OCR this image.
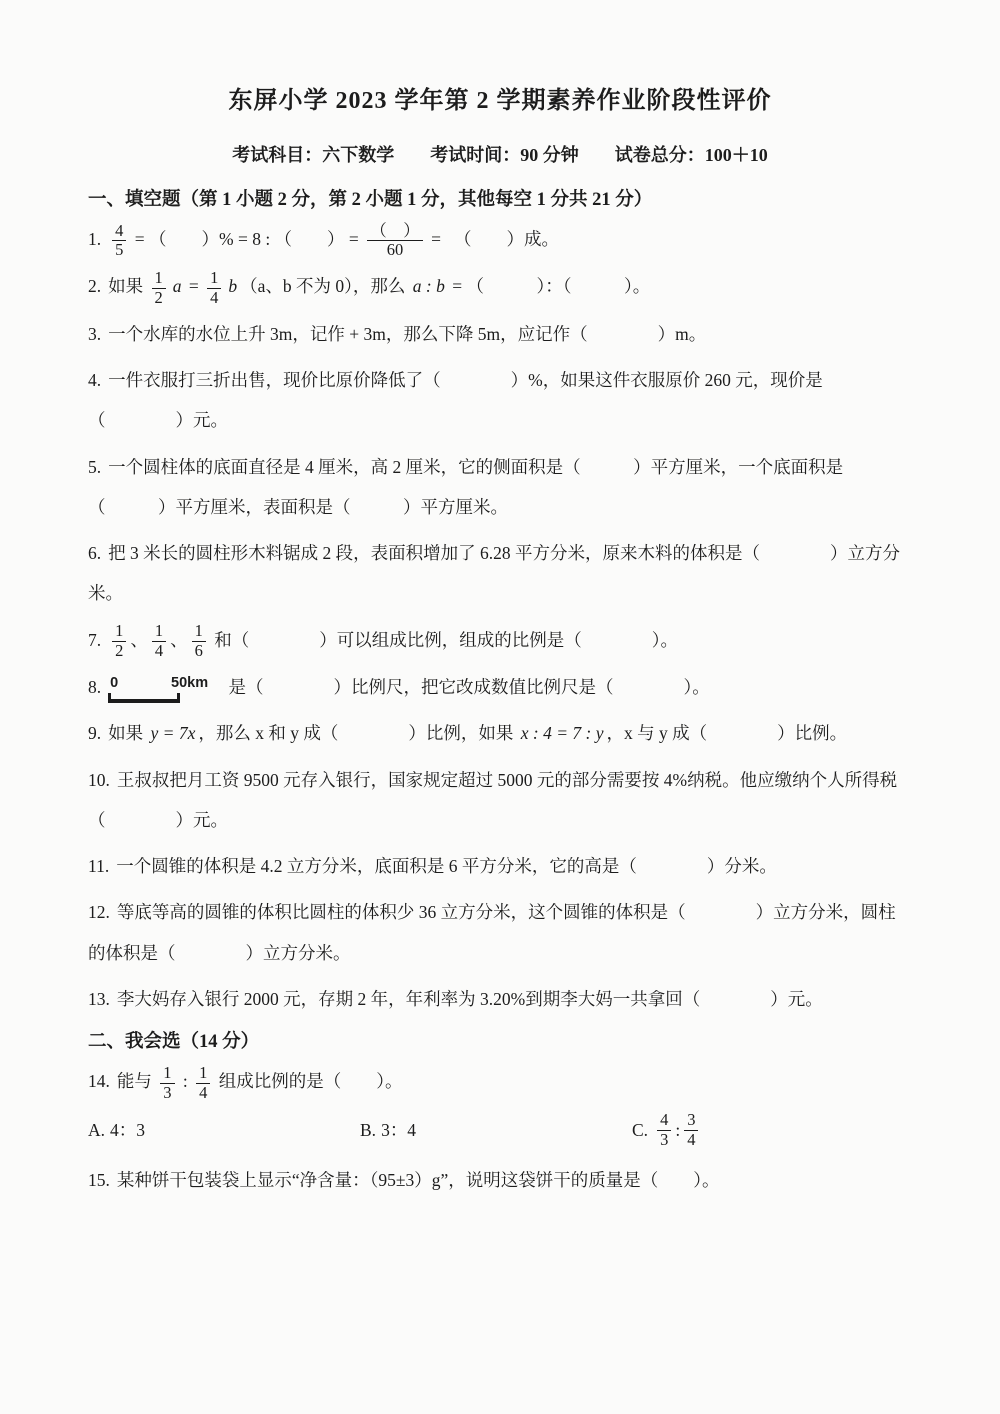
东屏小学 2023 学年第 2 学期素养作业阶段性评价
考试科目：六下数学　　考试时间：90 分钟　　试卷总分：100＋10
一、填空题（第 1 小题 2 分，第 2 小题 1 分，其他每空 1 分共 21 分）
1. $\frac{4}{5}$ = （　　）% = 8 : （　　） = $\frac{( )}{60}$ = 　（　　）成。
2. 如果 $\frac{1}{2}$ $a = \frac{1}{4}$ b （a、b 不为 0），那么 a : b = （　　　）：（　　　）。
3. 一个水库的水位上升 3m，记作 + 3m，那么下降 5m，应记作（　　　　）m。
4. 一件衣服打三折出售，现价比原价降低了（　　　　）%，如果这件衣服原价 260 元，现价是（　　　　）元。
5. 一个圆柱体的底面直径是 4 厘米，高 2 厘米，它的侧面积是（　　　）平方厘米，一个底面积是（　　　）平方厘米，表面积是（　　　）平方厘米。
6. 把 3 米长的圆柱形木料锯成 2 段，表面积增加了 6.28 平方分米，原来木料的体积是（　　　　）立方分米。
7. $\frac{1}{2}$ 、 $\frac{1}{4}$ 、 $\frac{1}{6}$ 和（　　　　）可以组成比例，组成的比例是（　　　　）。
8. 0	50km 是（　　　　）比例尺，把它改成数值比例尺是（　　　　）。
9. 如果 y = 7x ，那么 x 和 y 成（　　　　）比例，如果 x : 4 = 7 : y ，x 与 y 成（　　　　）比例。
10. 王叔叔把月工资 9500 元存入银行，国家规定超过 5000 元的部分需要按 4%纳税。他应缴纳个人所得税（　　　　）元。
11. 一个圆锥的体积是 4.2 立方分米，底面积是 6 平方分米，它的高是（　　　　）分米。
12. 等底等高的圆锥的体积比圆柱的体积少 36 立方分米，这个圆锥的体积是（　　　　）立方分米，圆柱的体积是（　　　　）立方分米。
13. 李大妈存入银行 2000 元，存期 2 年，年利率为 3.20%到期李大妈一共拿回（　　　　）元。
二、我会选（14 分）
14. 能与 $\frac{1}{3}$ : $\frac{1}{4}$ 组成比例的是（　　）。
A. 4：3	B. 3：4	C. $\frac{4}{3}$ : $\frac{3}{4}$
15. 某种饼干包装袋上显示“净含量：（95±3）g”，说明这袋饼干的质量是（　　）。
